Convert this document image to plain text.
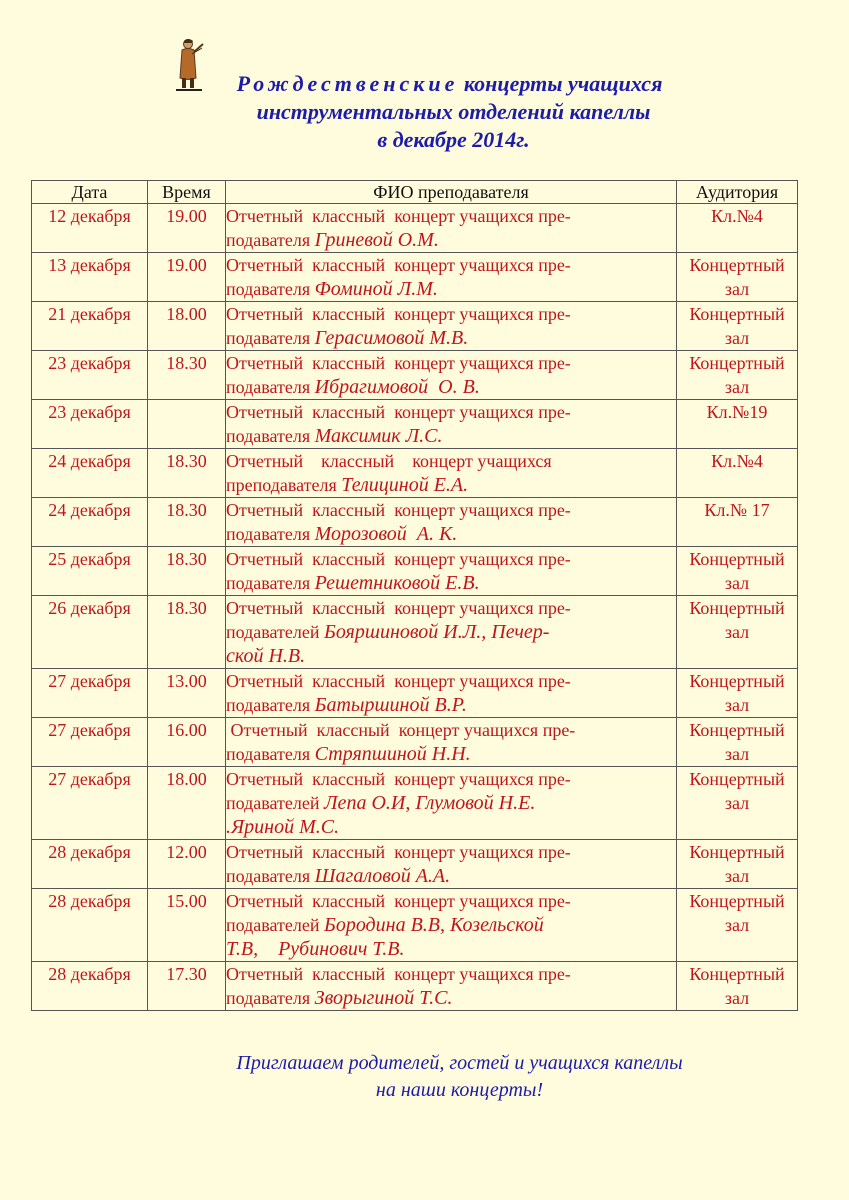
Рождественские концерты учащихся
инструментальных отделений капеллы
в декабре 2014г.
Дата	Время	ФИО преподавателя	Аудитория
12 декабря	19.00	Отчетный  классный  концерт учащихся пре-
подавателя Гриневой О.М.	Кл.№4
13 декабря	19.00	Отчетный  классный  концерт учащихся пре-
подавателя Фоминой Л.М.	Концертный зал
21 декабря	18.00	Отчетный  классный  концерт учащихся пре-
подавателя Герасимовой М.В.	Концертный зал
23 декабря	18.30	Отчетный  классный  концерт учащихся пре-
подавателя Ибрагимовой  О. В.	Концертный зал
23 декабря		Отчетный  классный  концерт учащихся пре-
подавателя Максимик Л.С.	Кл.№19
24 декабря	18.30	Отчетный    классный    концерт учащихся
преподавателя Телициной Е.А.	Кл.№4
24 декабря	18.30	Отчетный  классный  концерт учащихся пре-
подавателя Морозовой  А. К.	Кл.№ 17
25 декабря	18.30	Отчетный  классный  концерт учащихся пре-
подавателя Решетниковой Е.В.	Концертный зал
26 декабря	18.30	Отчетный  классный  концерт учащихся пре-
подавателей Бояршиновой И.Л., Печер-
ской Н.В.	Концертный зал
27 декабря	13.00	Отчетный  классный  концерт учащихся пре-
подавателя Батыршиной В.Р.	Концертный зал
27 декабря	16.00	Отчетный  классный  концерт учащихся пре-
подавателя Стряпшиной Н.Н.	Концертный зал
27 декабря	18.00	Отчетный  классный  концерт учащихся пре-
подавателей Лепа О.И, Глумовой Н.Е.
.Яриной М.С.	Концертный зал
28 декабря	12.00	Отчетный  классный  концерт учащихся пре-
подавателя Шагаловой А.А.	Концертный зал
28 декабря	15.00	Отчетный  классный  концерт учащихся пре-
подавателей Бородина В.В, Козельской
Т.В,    Рубинович Т.В.	Концертный зал
28 декабря	17.30	Отчетный  классный  концерт учащихся пре-
подавателя Зворыгиной Т.С.	Концертный зал
Приглашаем родителей, гостей и учащихся капеллы
на наши концерты!
